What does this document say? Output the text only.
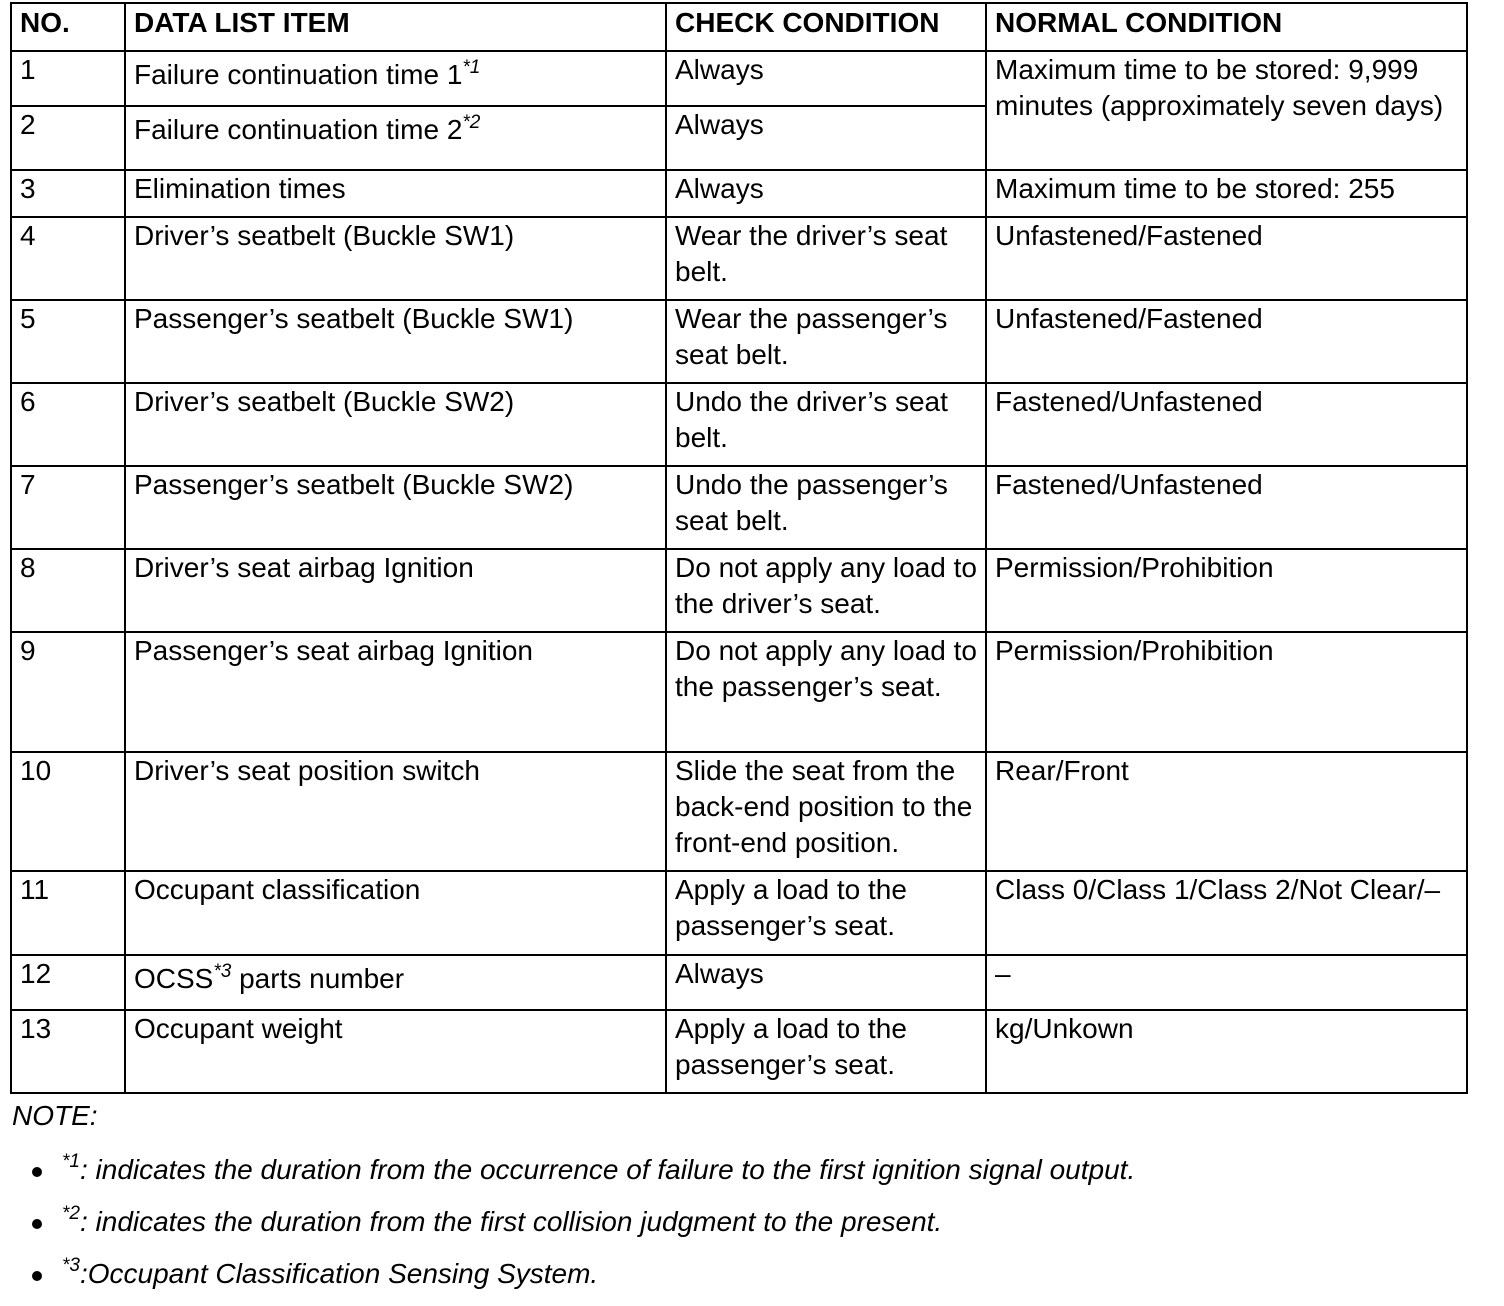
NO.	DATA LIST ITEM	CHECK CONDITION	NORMAL CONDITION
1	Failure continuation time 1$^{*1}$	Always	Maximum time to be stored: 9,999 minutes (approximately seven days)
2	Failure continuation time 2$^{*2}$	Always	
3	Elimination times	Always	Maximum time to be stored: 255
4	Driver’s seatbelt (Buckle SW1)	Wear the driver’s seat belt.	Unfastened/Fastened
5	Passenger’s seatbelt (Buckle SW1)	Wear the passenger’s seat belt.	Unfastened/Fastened
6	Driver’s seatbelt (Buckle SW2)	Undo the driver’s seat belt.	Fastened/Unfastened
7	Passenger’s seatbelt (Buckle SW2)	Undo the passenger’s seat belt.	Fastened/Unfastened
8	Driver’s seat airbag Ignition	Do not apply any load to the driver’s seat.	Permission/Prohibition
9	Passenger’s seat airbag Ignition	Do not apply any load to the passenger’s seat.	Permission/Prohibition
10	Driver’s seat position switch	Slide the seat from the back-end position to the front-end position.	Rear/Front
11	Occupant classification	Apply a load to the passenger’s seat.	Class 0/Class 1/Class 2/Not Clear/–
12	OCSS$^{*3}$ parts number	Always	–
13	Occupant weight	Apply a load to the passenger’s seat.	kg/Unkown
NOTE:
$^{*1}$: indicates the duration from the occurrence of failure to the first ignition signal output.
$^{*2}$: indicates the duration from the first collision judgment to the present.
$^{*3}$:Occupant Classification Sensing System.
